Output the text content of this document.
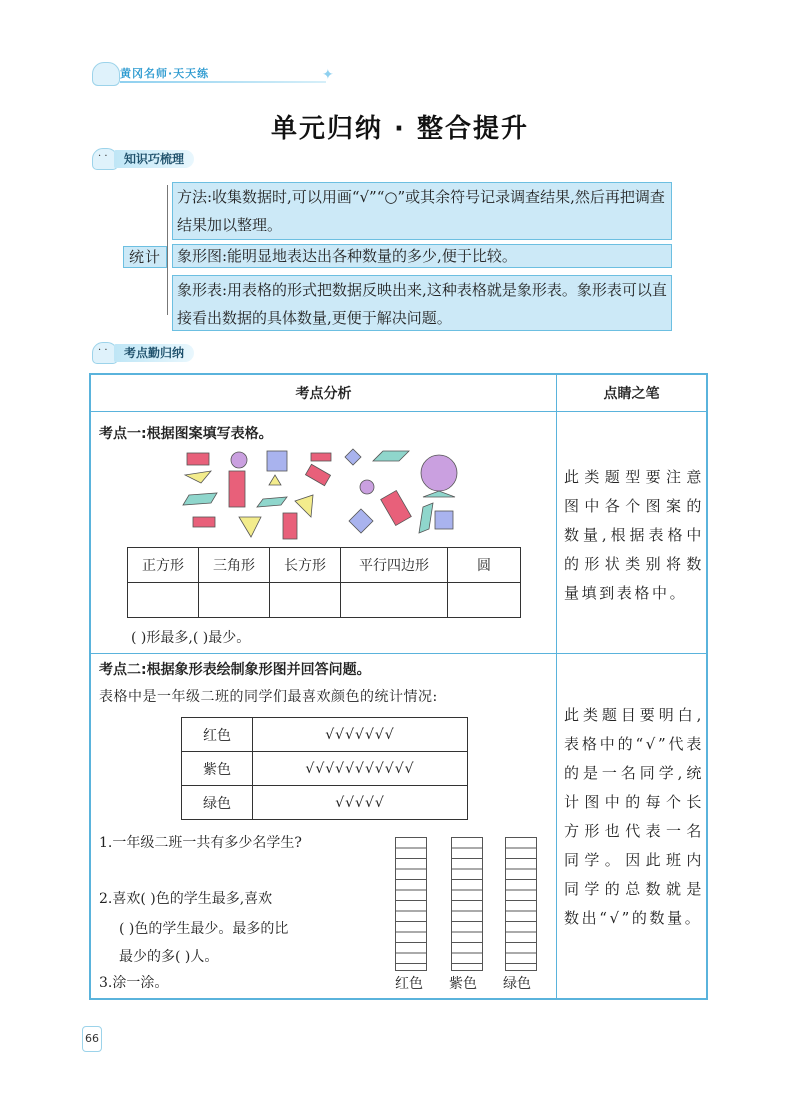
黄冈名师·天天练	✦
单元归纳 · 整合提升
· ·
知识巧梳理
统计
方法:收集数据时,可以用画“√”“○”或其余符号记录调查结果,然后再把调查结果加以整理。
象形图:能明显地表达出各种数量的多少,便于比较。
象形表:用表格的形式把数据反映出来,这种表格就是象形表。象形表可以直接看出数据的具体数量,更便于解决问题。
· ·
考点勤归纳
考点分析	点睛之笔
考点一:根据图案填写表格。
正方形	三角形	长方形	平行四边形	圆

( )形最多,( )最少。
此类题型要注意图中各个图案的数量,根据表格中的形状类别将数量填到表格中。
考点二:根据象形表绘制象形图并回答问题。
表格中是一年级二班的同学们最喜欢颜色的统计情况:
红色	√√√√√√√
紫色	√√√√√√√√√√√
绿色	√√√√√
1.一年级二班一共有多少名学生?
2.喜欢( )色的学生最多,喜欢
( )色的学生最少。最多的比
最少的多( )人。
3.涂一涂。	红色 紫色 绿色
此类题目要明白,表格中的“√”代表的是一名同学,统计图中的每个长方形也代表一名同学。因此班内同学的总数就是数出“√”的数量。
66
